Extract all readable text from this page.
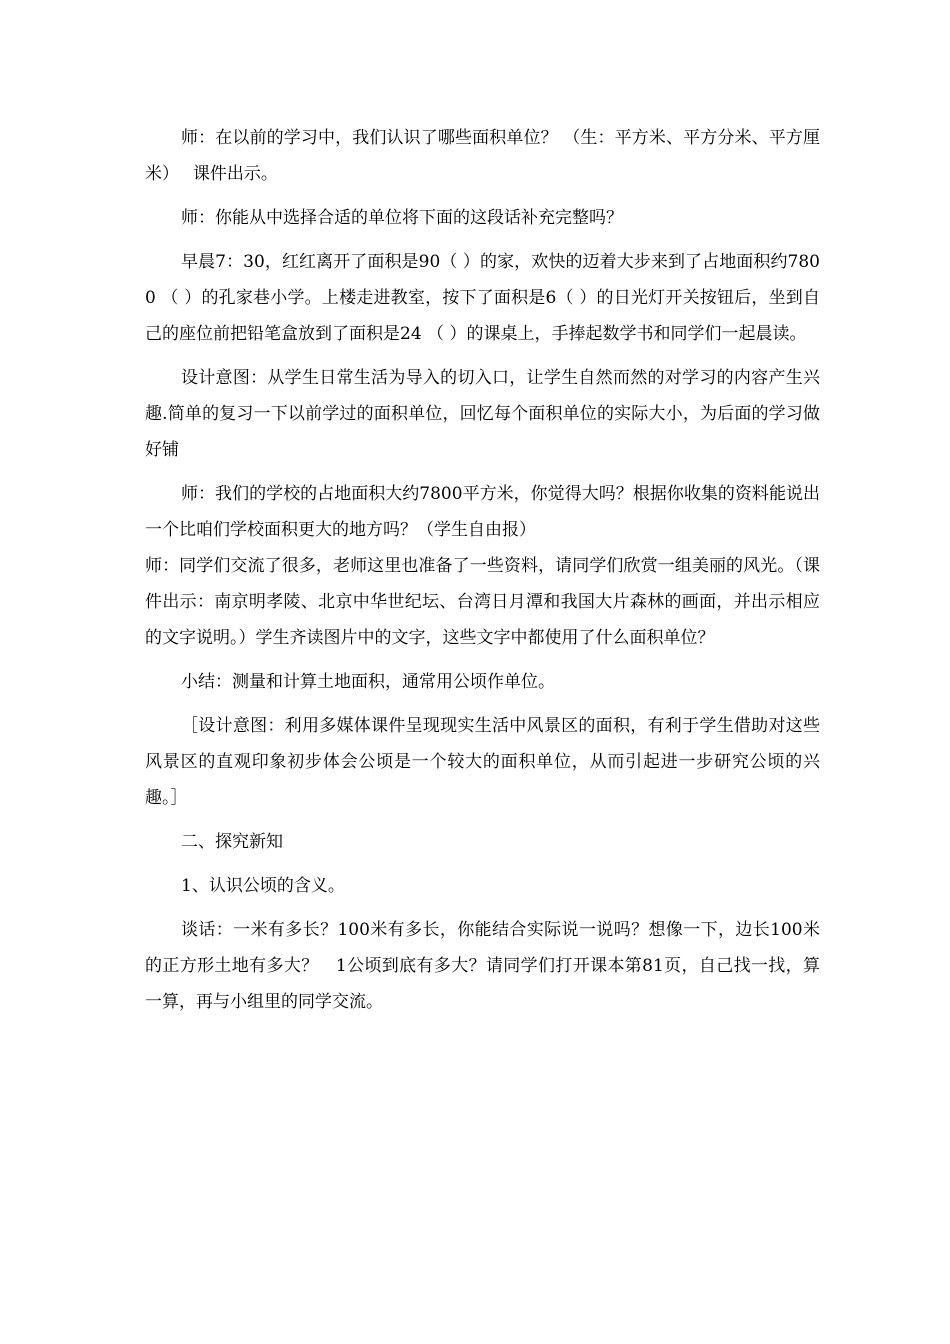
师：在以前的学习中，我们认识了哪些面积单位？ （生：平方米、平方分米、平方厘米）　 课件出示。

师：你能从中选择合适的单位将下面的这段话补充完整吗？

早晨7：30，红红离开了面积是90（ ）的家，欢快的迈着大步来到了占地面积约7800 （ ）的孔家巷小学。上楼走进教室，按下了面积是6（ ）的日光灯开关按钮后，坐到自己的座位前把铅笔盒放到了面积是24 （ ）的课桌上，手捧起数学书和同学们一起晨读。

设计意图：从学生日常生活为导入的切入口，让学生自然而然的对学习的内容产生兴趣.简单的复习一下以前学过的面积单位，回忆每个面积单位的实际大小，为后面的学习做好铺

师：我们的学校的占地面积大约7800平方米，你觉得大吗？根据你收集的资料能说出一个比咱们学校面积更大的地方吗？（学生自由报）

师：同学们交流了很多，老师这里也准备了一些资料，请同学们欣赏一组美丽的风光。（课件出示：南京明孝陵、北京中华世纪坛、台湾日月潭和我国大片森林的画面，并出示相应的文字说明。）学生齐读图片中的文字，这些文字中都使用了什么面积单位？

小结：测量和计算土地面积，通常用公顷作单位。

［设计意图：利用多媒体课件呈现现实生活中风景区的面积，有利于学生借助对这些风景区的直观印象初步体会公顷是一个较大的面积单位，从而引起进一步研究公顷的兴趣。］

二、探究新知

1、认识公顷的含义。

谈话：一米有多长？100米有多长，你能结合实际说一说吗？想像一下，边长100米的正方形土地有多大？　1公顷到底有多大？请同学们打开课本第81页，自己找一找，算一算，再与小组里的同学交流。
